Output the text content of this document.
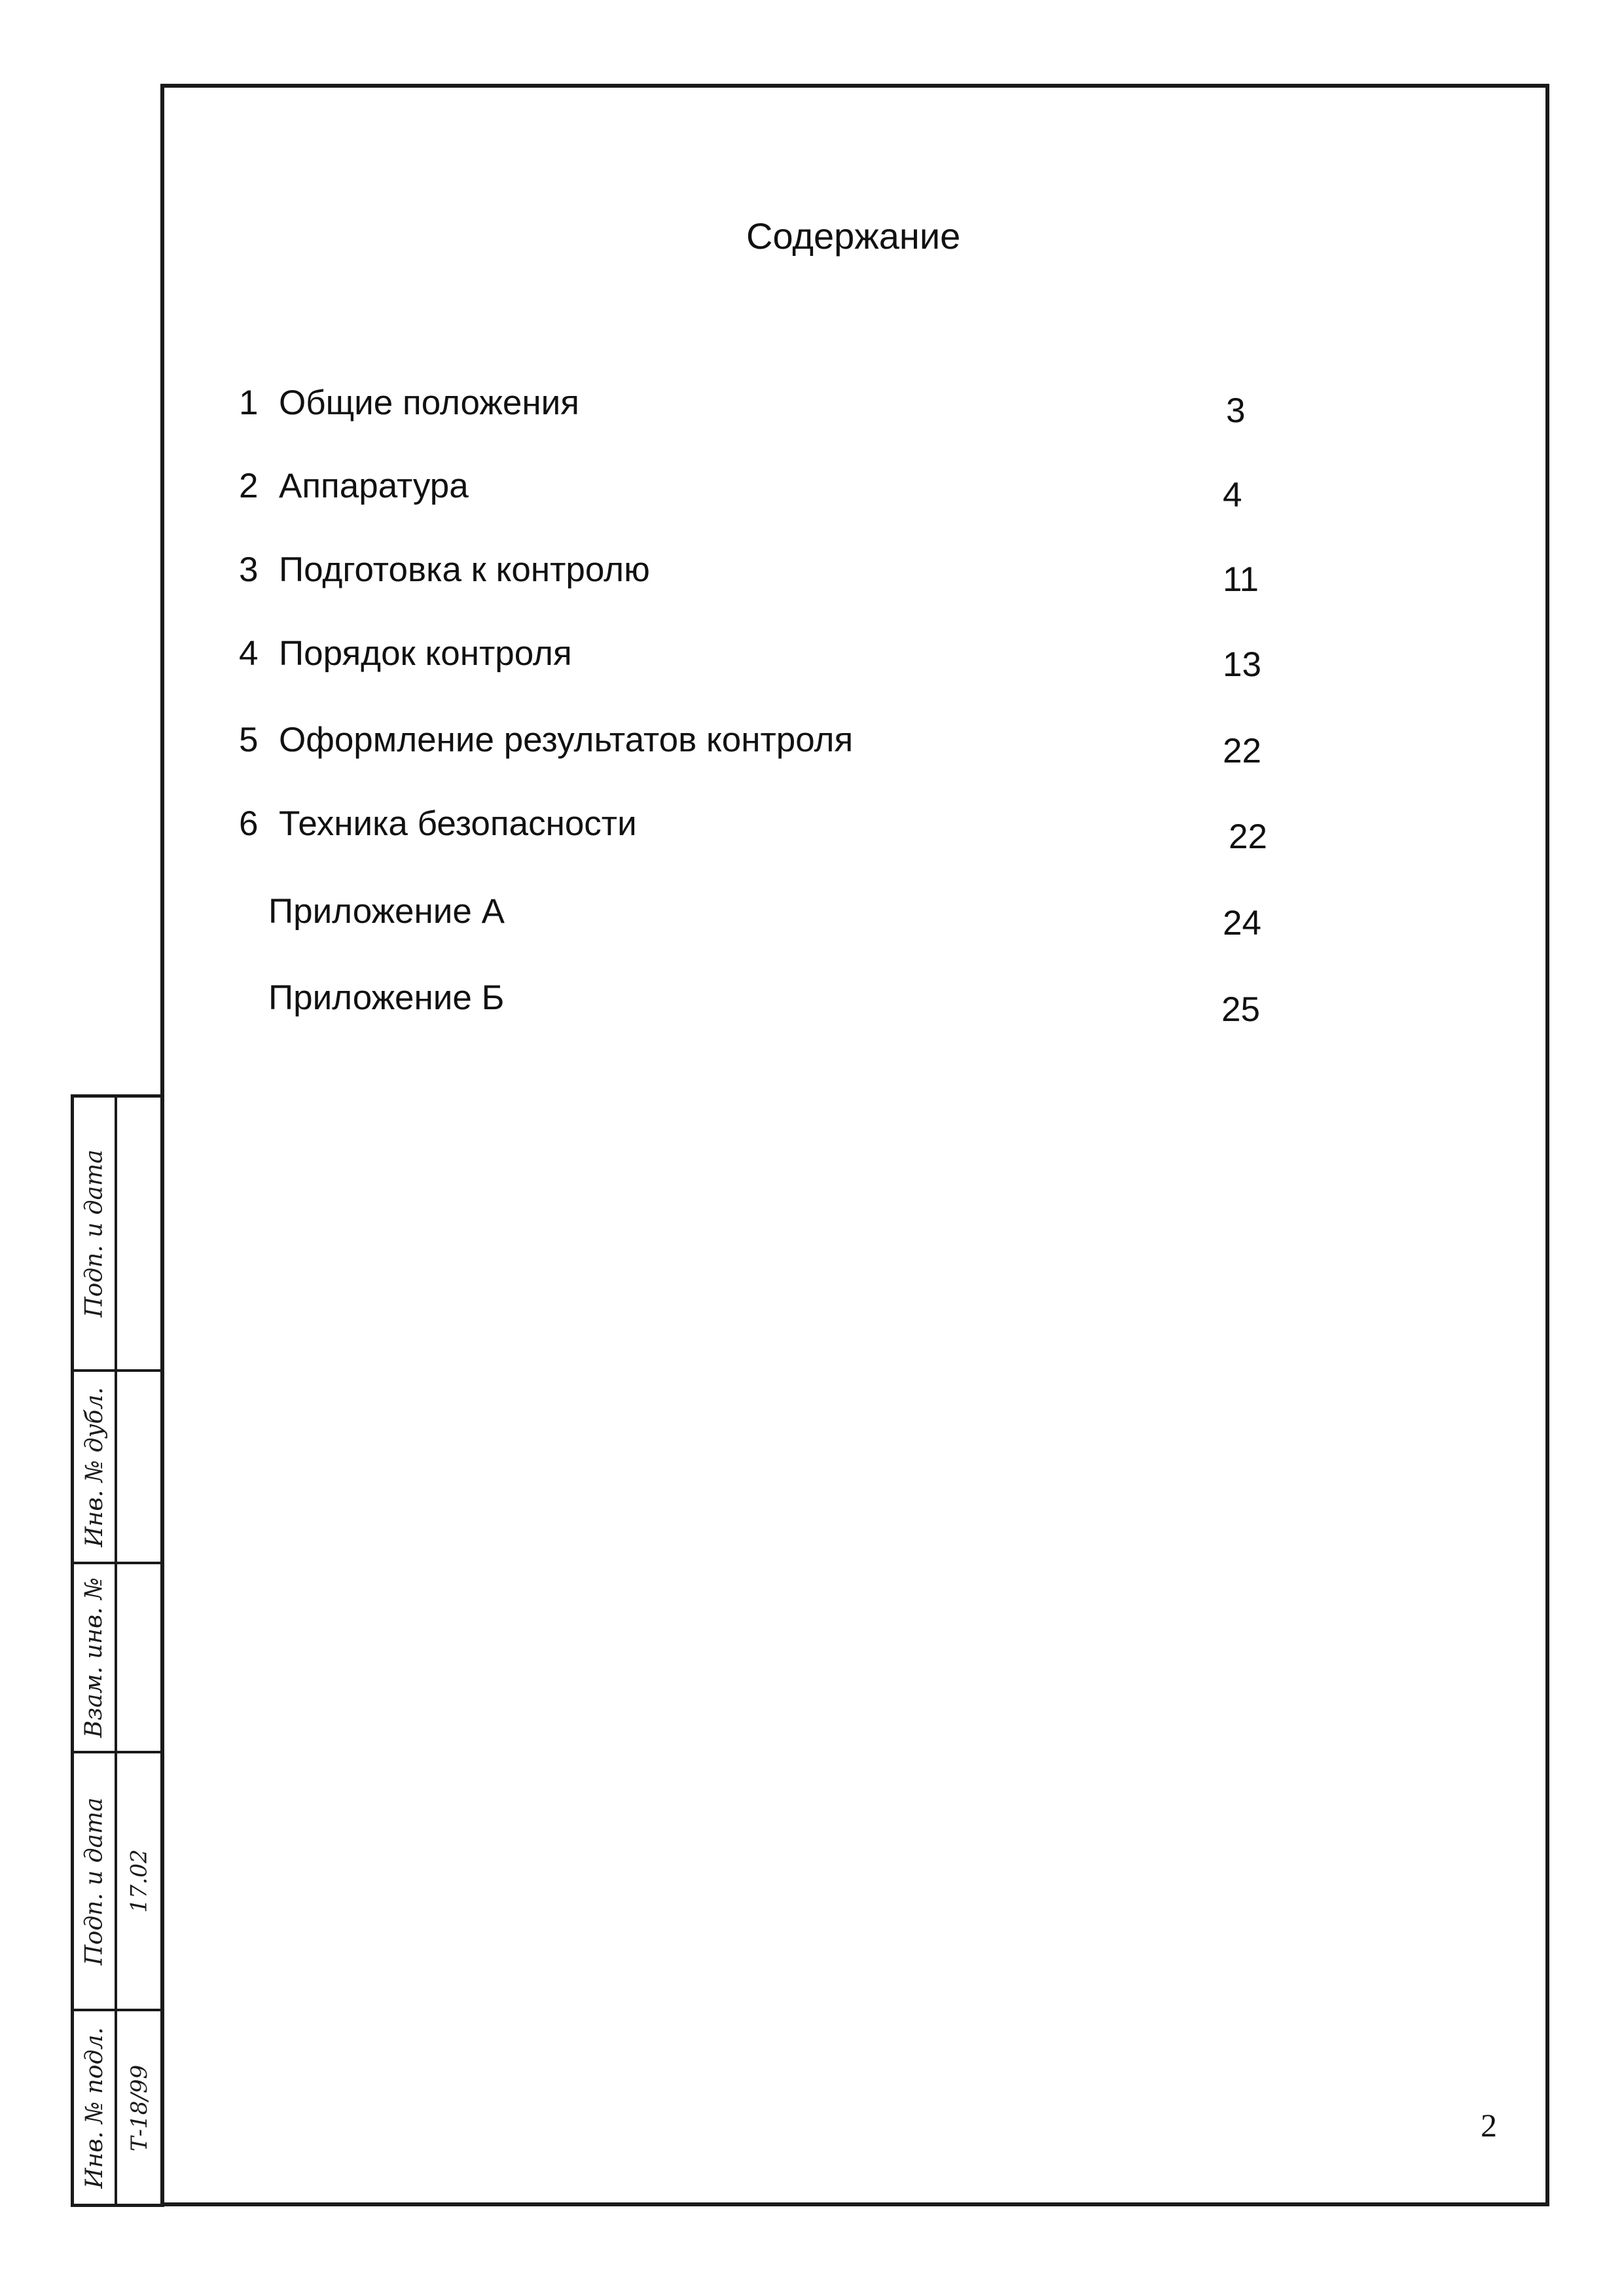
Содержание
1 Общие положения	3
2 Аппаратура	4
3 Подготовка к контролю	11
4 Порядок контроля	13
5 Оформление результатов контроля	22
6 Техника безопасности	22
Приложение А	24
Приложение Б	25
2
Подп. и дата
Инв. № дубл.
Взам. инв. №
Подп. и дата 17.02
Инв. № подл. Т-18/99
